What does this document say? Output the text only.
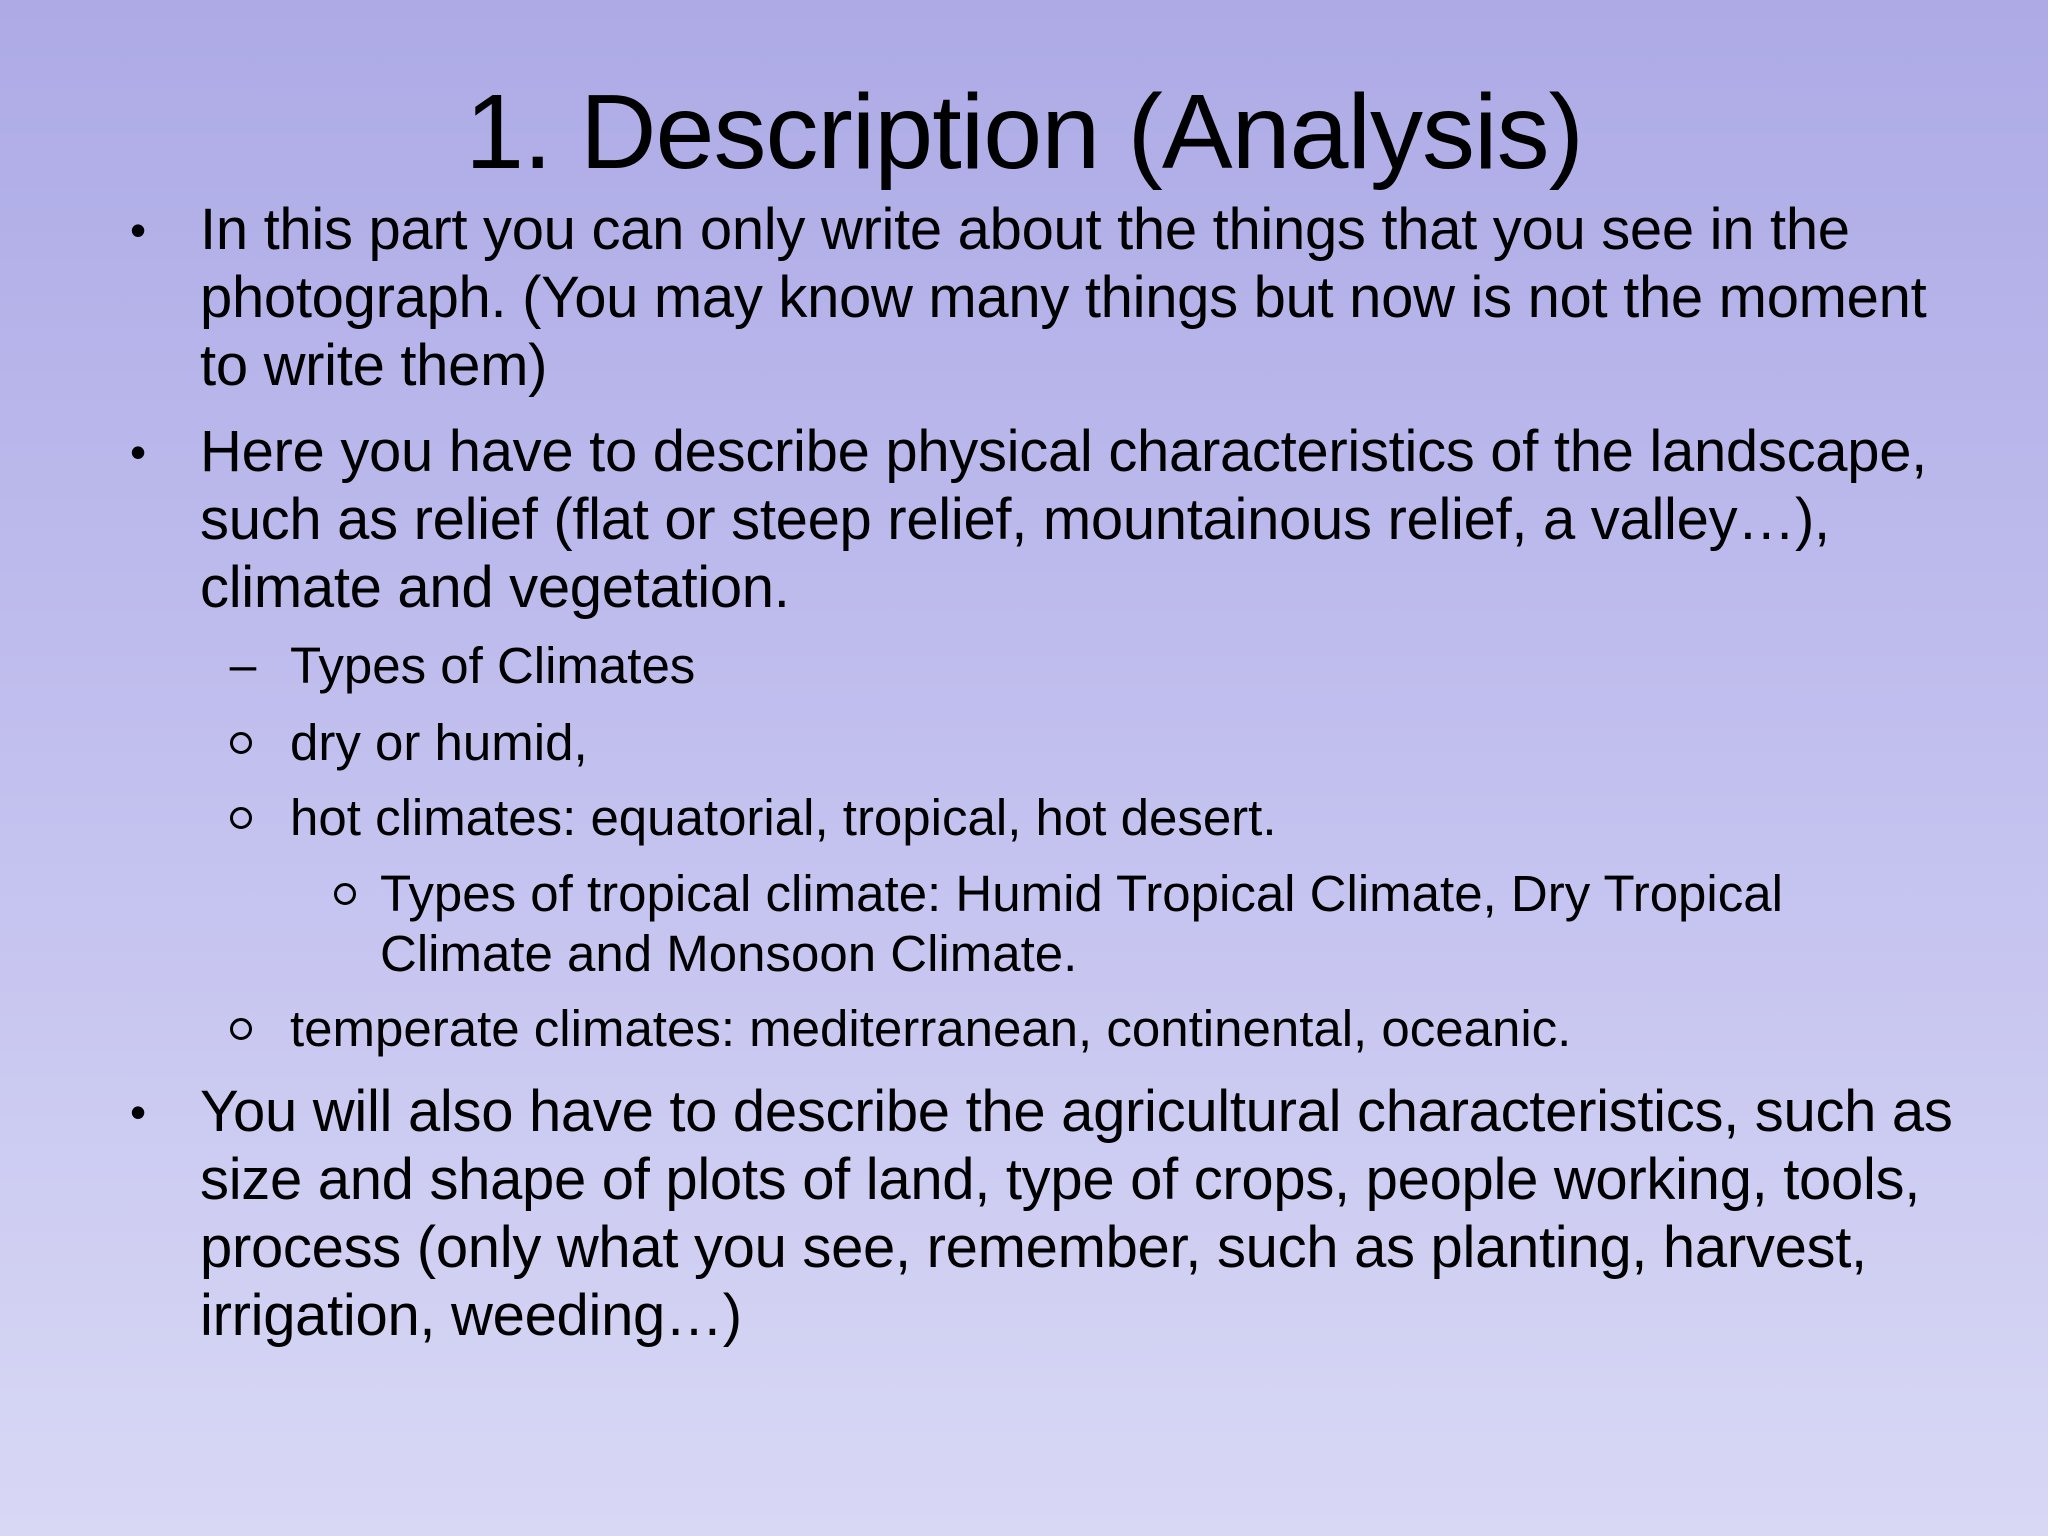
1. Description (Analysis)
• In this part you can only write about the things that you see in the photograph. (You may know many things but now is not the moment to write them)

• Here you have to describe physical characteristics of the landscape, such as relief (flat or steep relief, mountainous relief, a valley…), climate and vegetation.

– Types of Climates

dry or humid,

hot climates: equatorial, tropical, hot desert.

Types of tropical climate: Humid Tropical Climate, Dry Tropical Climate and Monsoon Climate.

temperate climates: mediterranean, continental, oceanic.

• You will also have to describe the agricultural characteristics, such as size and shape of plots of land, type of crops, people working, tools, process (only what you see, remember, such as planting, harvest, irrigation, weeding…)
